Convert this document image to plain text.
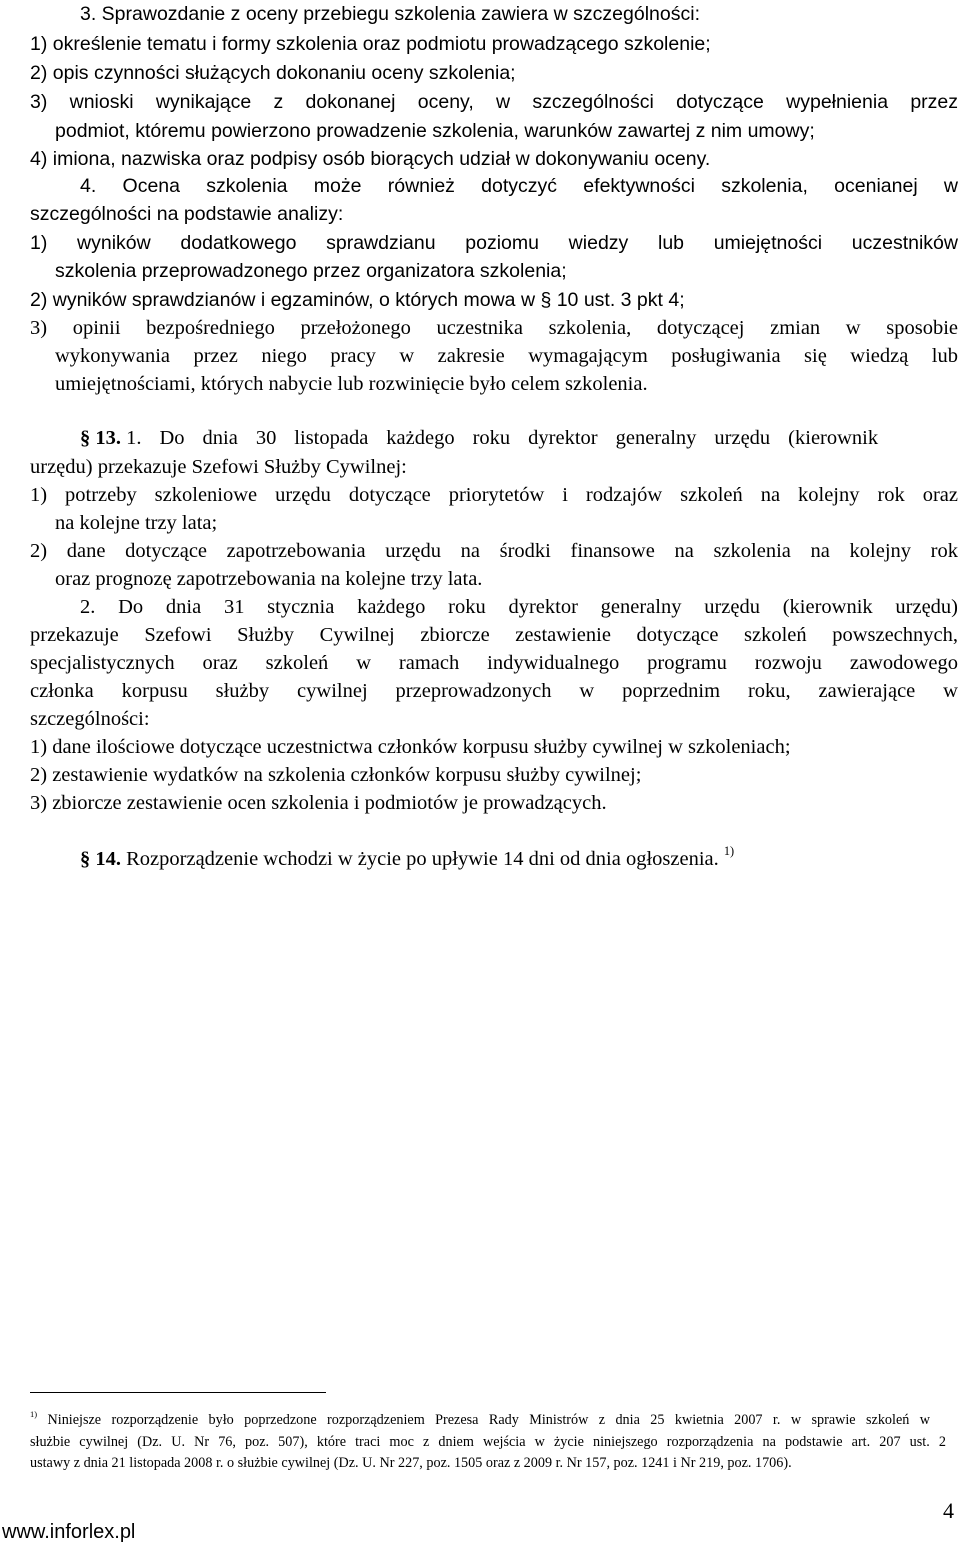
3. Sprawozdanie z oceny przebiegu szkolenia zawiera w szczególności:
1) określenie tematu i formy szkolenia oraz podmiotu prowadzącego szkolenie;
2) opis czynności służących dokonaniu oceny szkolenia;
3) wnioski wynikające z dokonanej oceny, w szczególności dotyczące wypełnienia przez
podmiot, któremu powierzono prowadzenie szkolenia, warunków zawartej z nim umowy;
4) imiona, nazwiska oraz podpisy osób biorących udział w dokonywaniu oceny.
4. Ocena szkolenia może również dotyczyć efektywności szkolenia, ocenianej w
szczególności na podstawie analizy:
1) wyników dodatkowego sprawdzianu poziomu wiedzy lub umiejętności uczestników
szkolenia przeprowadzonego przez organizatora szkolenia;
2) wyników sprawdzianów i egzaminów, o których mowa w § 10 ust. 3 pkt 4;
3) opinii bezpośredniego przełożonego uczestnika szkolenia, dotyczącej zmian w sposobie
wykonywania przez niego pracy w zakresie wymagającym posługiwania się wiedzą lub
umiejętnościami, których nabycie lub rozwinięcie było celem szkolenia.
§ 13. 1. Do dnia 30 listopada każdego roku dyrektor generalny urzędu (kierownik
urzędu) przekazuje Szefowi Służby Cywilnej:
1) potrzeby szkoleniowe urzędu dotyczące priorytetów i rodzajów szkoleń na kolejny rok oraz
na kolejne trzy lata;
2) dane dotyczące zapotrzebowania urzędu na środki finansowe na szkolenia na kolejny rok
oraz prognozę zapotrzebowania na kolejne trzy lata.
2. Do dnia 31 stycznia każdego roku dyrektor generalny urzędu (kierownik urzędu)
przekazuje Szefowi Służby Cywilnej zbiorcze zestawienie dotyczące szkoleń powszechnych,
specjalistycznych oraz szkoleń w ramach indywidualnego programu rozwoju zawodowego
członka korpusu służby cywilnej przeprowadzonych w poprzednim roku, zawierające w
szczególności:
1) dane ilościowe dotyczące uczestnictwa członków korpusu służby cywilnej w szkoleniach;
2) zestawienie wydatków na szkolenia członków korpusu służby cywilnej;
3) zbiorcze zestawienie ocen szkolenia i podmiotów je prowadzących.
§ 14. Rozporządzenie wchodzi w życie po upływie 14 dni od dnia ogłoszenia. $^{1)}$
$^{1)}$ Niniejsze rozporządzenie było poprzedzone rozporządzeniem Prezesa Rady Ministrów z dnia 25 kwietnia 2007 r. w sprawie szkoleń w
służbie cywilnej (Dz. U. Nr 76, poz. 507), które traci moc z dniem wejścia w życie niniejszego rozporządzenia na podstawie art. 207 ust. 2
ustawy z dnia 21 listopada 2008 r. o służbie cywilnej (Dz. U. Nr 227, poz. 1505 oraz z 2009 r. Nr 157, poz. 1241 i Nr 219, poz. 1706).
www.inforlex.pl
4
